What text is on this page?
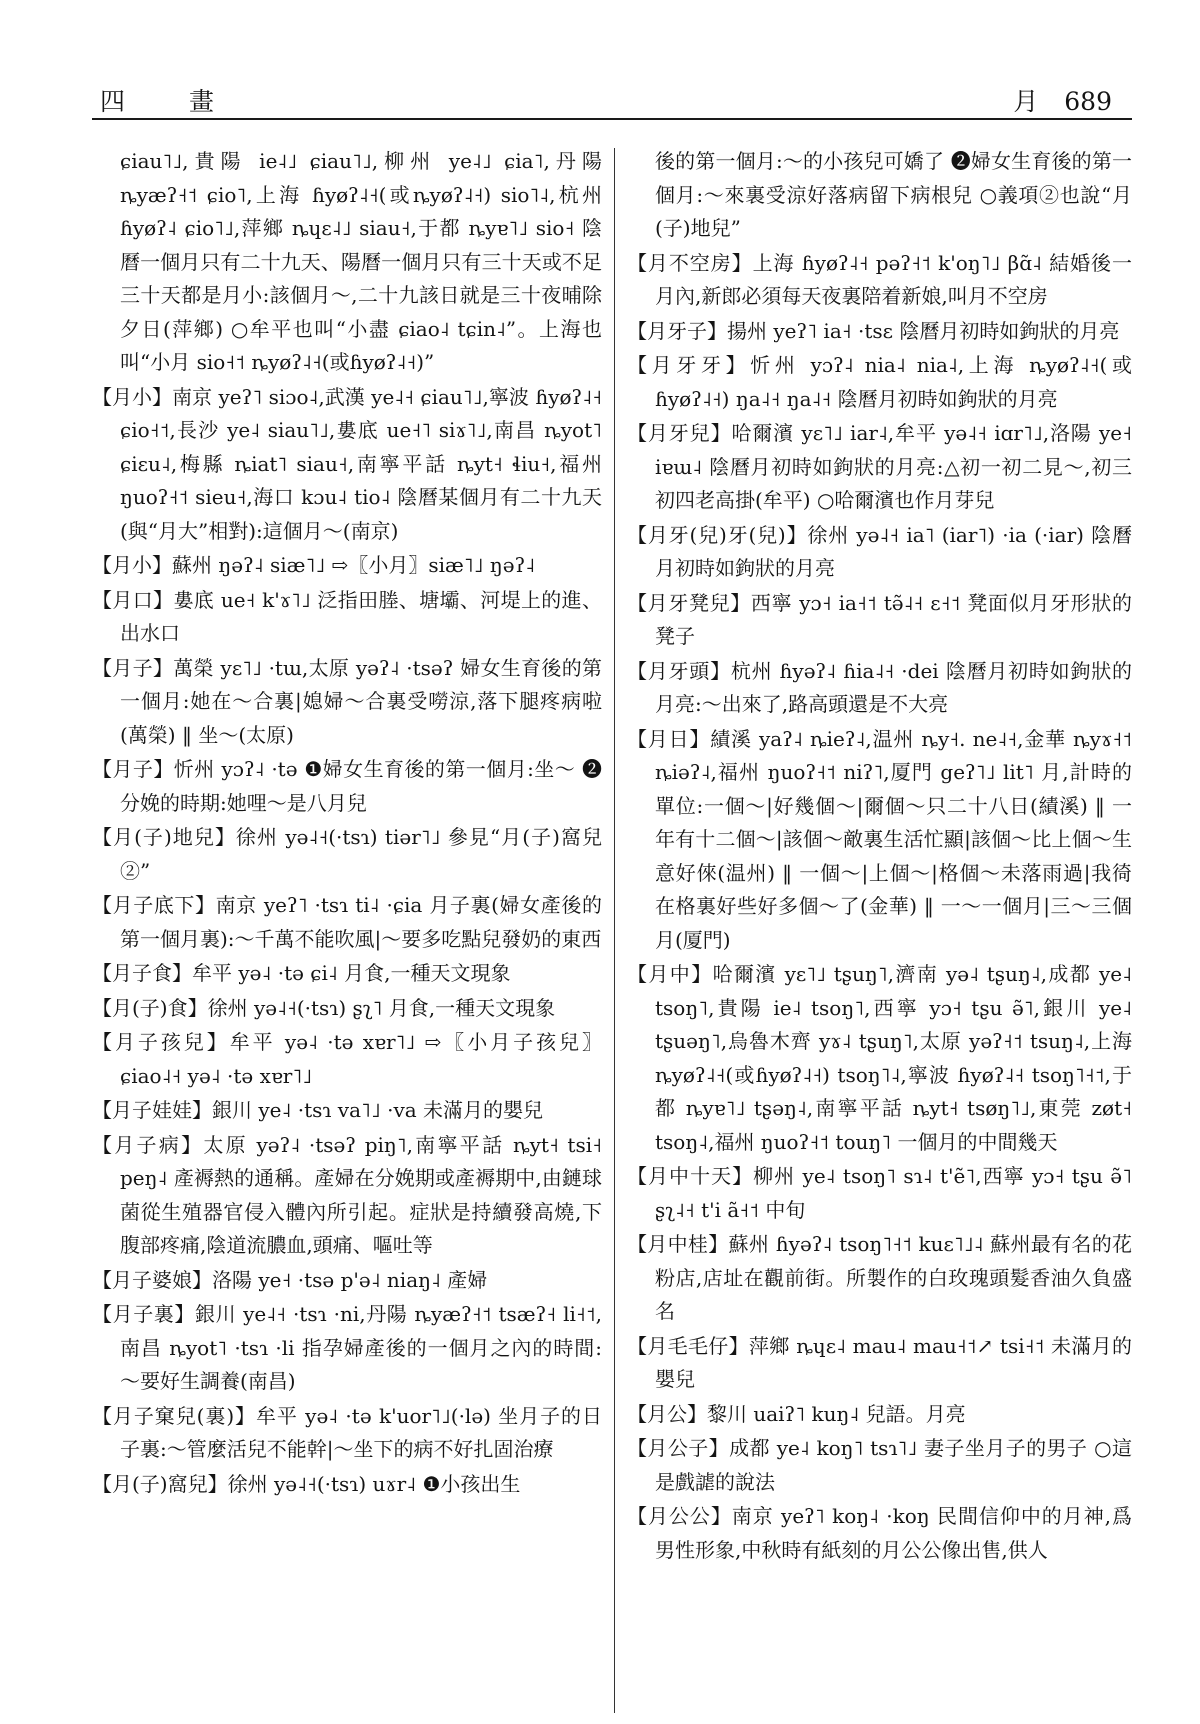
四 畫	月 689

ɕiau˥˩,貴陽 ie˨˩ ɕiau˥˩,柳州 ye˨˩ ɕia˥,丹陽 ȵyæʔ˧˦ ɕio˥,上海 ɦyøʔ˨˧(或ȵyøʔ˨˧) sio˥˨,杭州 ɦyøʔ˨ ɕio˥˩,萍鄉 ȵɥɛ˨˩ siau˧,于都 ȵyɐ˥˩ sio˧ 陰曆一個月只有二十九天、陽曆一個月只有三十天或不足三十天都是月小:該個月～,二十九該日就是三十夜晡除夕日(萍鄉) ○牟平也叫“小盡 ɕiao˨ tɕin˨”。上海也叫“小月 sio˧˦ ȵyøʔ˨˧(或ɦyøʔ˨˧)”

【月小】南京 yeʔ˥ siɔo˨,武漢 ye˨˧ ɕiau˥˩,寧波 ɦyøʔ˨˧ ɕio˧˦,長沙 ye˨ siau˥˩,婁底 ue˧˥ siɤ˥˩,南昌 ȵyot˥ ɕiɛu˨,梅縣 ȵiat˥ siau˧,南寧平話 ȵyt˧ ɬiu˧,福州 ŋuoʔ˧˦ sieu˧,海口 kɔu˨ tio˨ 陰曆某個月有二十九天(與“月大”相對):這個月～(南京)

【月小】蘇州 ŋəʔ˨ siæ˥˩ ⇨〖小月〗siæ˥˩ ŋəʔ˨

【月口】婁底 ue˧ k'ɤ˥˩ 泛指田塍、塘壩、河堤上的進、出水口

【月子】萬榮 yɛ˥˩ ·tɯ,太原 yəʔ˨ ·tsəʔ 婦女生育後的第一個月:她在～合裏|媳婦～合裏受嘮涼,落下腿疼病啦(萬榮) ‖ 坐～(太原)

【月子】忻州 yɔʔ˨ ·tə ❶婦女生育後的第一個月:坐～ ❷分娩的時期:她哩～是八月兒

【月(子)地兒】徐州 yə˨˧(·tsɿ) tiər˥˩ 參見“月(子)窩兒②”

【月子底下】南京 yeʔ˥ ·tsɿ ti˨ ·ɕia 月子裏(婦女產後的第一個月裏):～千萬不能吹風|～要多吃點兒發奶的東西

【月子食】牟平 yə˨ ·tə ɕi˨ 月食,一種天文現象

【月(子)食】徐州 yə˨˧(·tsɿ) ʂʅ˥ 月食,一種天文現象

【月子孩兒】牟平 yə˨ ·tə xɐr˥˩ ⇨〖小月子孩兒〗ɕiao˨˧ yə˨ ·tə xɐr˥˩

【月子娃娃】銀川 ye˨ ·tsɿ va˥˩ ·va 未滿月的嬰兒

【月子病】太原 yəʔ˨ ·tsəʔ piŋ˥,南寧平話 ȵyt˧ tsi˧ peŋ˨ 產褥熱的通稱。產婦在分娩期或產褥期中,由鏈球菌從生殖器官侵入體內所引起。症狀是持續發高燒,下腹部疼痛,陰道流膿血,頭痛、嘔吐等

【月子婆娘】洛陽 ye˧ ·tsə p'ə˨ niaŋ˨ 產婦

【月子裏】銀川 ye˨˧ ·tsɿ ·ni,丹陽 ȵyæʔ˧˦ tsæʔ˧ li˧˦,南昌 ȵyot˥ ·tsɿ ·li 指孕婦產後的一個月之內的時間:～要好生調養(南昌)

【月子窠兒(裏)】牟平 yə˨ ·tə k'uor˥˩(·lə) 坐月子的日子裏:～管麼活兒不能幹|～坐下的病不好扎固治療

【月(子)窩兒】徐州 yə˨˧(·tsɿ) uɤr˨ ❶小孩出生

後的第一個月:～的小孩兒可嬌了 ❷婦女生育後的第一個月:～來裏受涼好落病留下病根兒 ○義項②也說“月(子)地兒”

【月不空房】上海 ɦyøʔ˨˧ pəʔ˧˦ k'oŋ˥˩ βɑ̃˨ 結婚後一月內,新郎必須每天夜裏陪着新娘,叫月不空房

【月牙子】揚州 yeʔ˥ ia˧ ·tsɛ 陰曆月初時如鉤狀的月亮

【月牙牙】忻州 yɔʔ˨ nia˨ nia˨,上海 ȵyøʔ˨˧(或ɦyøʔ˨˧) ŋa˨˧ ŋa˨˧ 陰曆月初時如鉤狀的月亮

【月牙兒】哈爾濱 yɛ˥˩ iar˨,牟平 yə˨˧ iɑr˥˩,洛陽 ye˧ iɐɯ˨ 陰曆月初時如鉤狀的月亮:△初一初二見～,初三初四老高掛(牟平) ○哈爾濱也作月芽兒

【月牙(兒)牙(兒)】徐州 yə˨˧ ia˥ (iar˥) ·ia (·iar) 陰曆月初時如鉤狀的月亮

【月牙凳兒】西寧 yɔ˧ ia˧˦ tə̃˨˧ ɛ˧˦ 凳面似月牙形狀的凳子

【月牙頭】杭州 ɦyəʔ˨ ɦia˨˧ ·dei 陰曆月初時如鉤狀的月亮:～出來了,路高頭還是不大亮

【月日】績溪 yaʔ˨ ȵieʔ˨,温州 ȵy˧. ne˨˧,金華 ȵyɤ˧˦ ȵiəʔ˨,福州 ŋuoʔ˧˦ niʔ˥,厦門 geʔ˥˩ lit˥ 月,計時的單位:一個～|好幾個～|爾個～只二十八日(績溪) ‖ 一年有十二個～|該個～敵裏生活忙顯|該個～比上個～生意好倈(温州) ‖ 一個～|上個～|格個～未落雨過|我徛在格裏好些好多個～了(金華) ‖ 一～一個月|三～三個月(厦門)

【月中】哈爾濱 yɛ˥˩ tʂuŋ˥,濟南 yə˨ tʂuŋ˨,成都 ye˨ tsoŋ˥,貴陽 ie˨ tsoŋ˥,西寧 yɔ˧ tʂu ə̃˥,銀川 ye˨ tʂuəŋ˥,烏魯木齊 yɤ˨ tʂuŋ˥,太原 yəʔ˧˦ tsuŋ˨,上海 ȵyøʔ˨˧(或ɦyøʔ˨˧) tsoŋ˥˨,寧波 ɦyøʔ˨˧ tsoŋ˥˧˦,于都 ȵyɐ˥˩ tʂəŋ˨,南寧平話 ȵyt˧ tsøŋ˥˩,東莞 zøt˧ tsoŋ˨,福州 ŋuoʔ˧˦ touŋ˥ 一個月的中間幾天

【月中十天】柳州 ye˨ tsoŋ˥ sɿ˨ t'ẽ˥,西寧 yɔ˧ tʂu ə̃˥ ʂʅ˨˧ t'i ã˧˦ 中旬

【月中桂】蘇州 ɦyəʔ˨ tsoŋ˥˧˦ kuɛ˥˩˨ 蘇州最有名的花粉店,店址在觀前街。所製作的白玫瑰頭髮香油久負盛名

【月毛毛仔】萍鄉 ȵɥɛ˨ mau˨ mau˧˦↗ tsi˧˦ 未滿月的嬰兒

【月公】黎川 uaiʔ˥ kuŋ˨ 兒語。月亮

【月公子】成都 ye˨ koŋ˥ tsɿ˥˩ 妻子坐月子的男子 ○這是戲謔的說法

【月公公】南京 yeʔ˥ koŋ˨ ·koŋ 民間信仰中的月神,爲男性形象,中秋時有紙刻的月公公像出售,供人
